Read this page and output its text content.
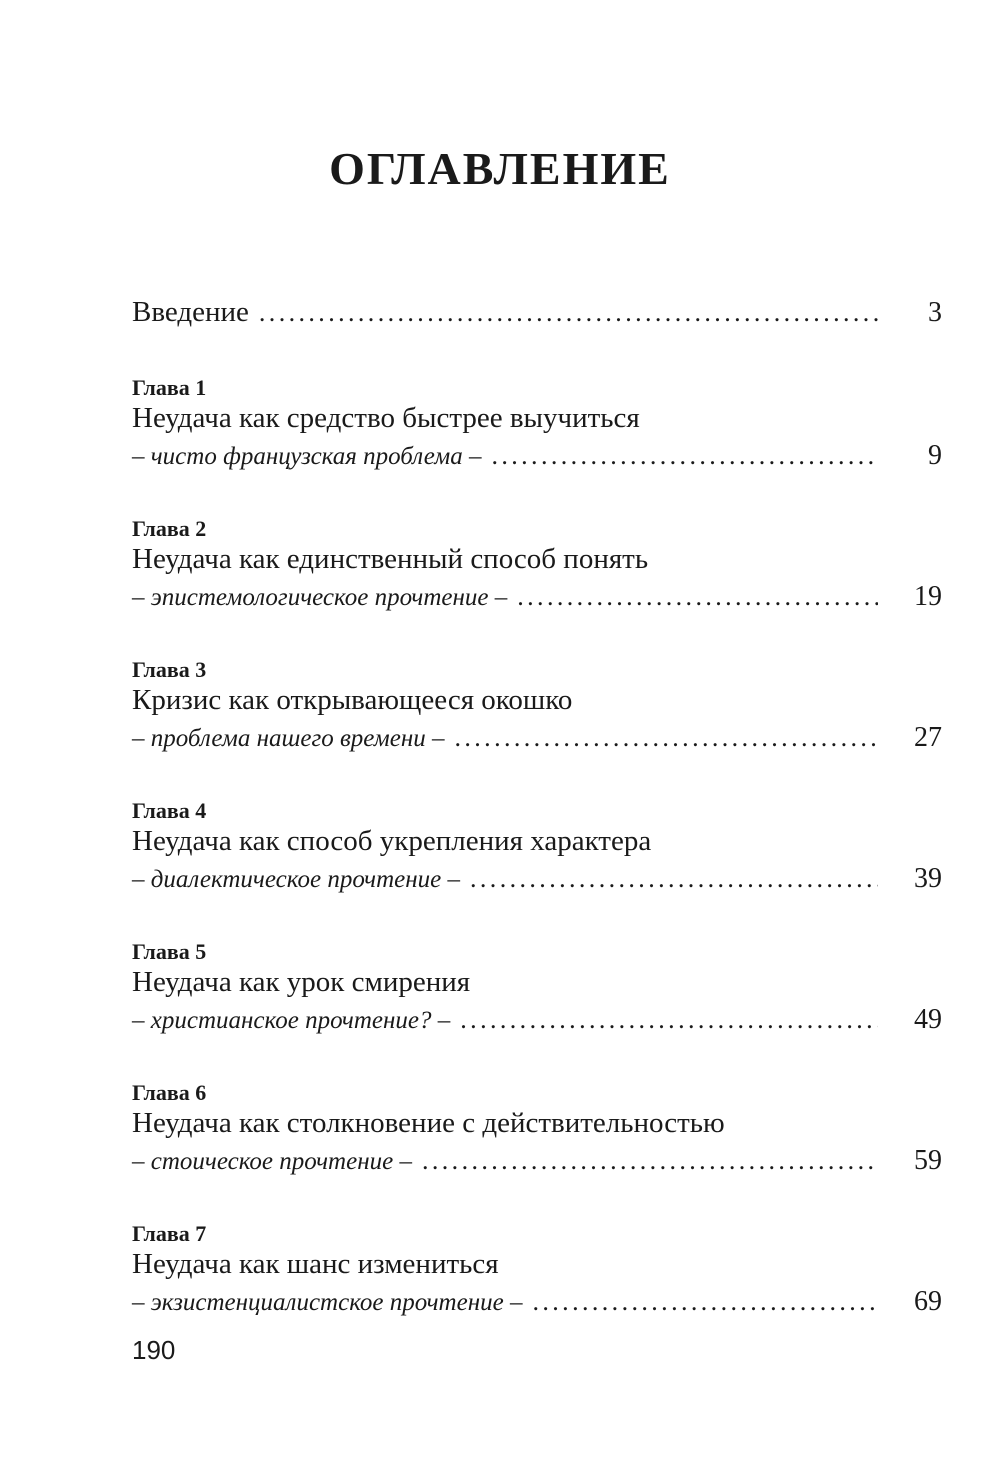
ОГЛАВЛЕНИЕ
Введение .....	3
Глава 1
Неудача как средство быстрее выучиться
– чисто французская проблема – .....	9
Глава 2
Неудача как единственный способ понять
– эпистемологическое прочтение – .....	19
Глава 3
Кризис как открывающееся окошко
– проблема нашего времени – .....	27
Глава 4
Неудача как способ укрепления характера
– диалектическое прочтение – .....	39
Глава 5
Неудача как урок смирения
– христианское прочтение? – .....	49
Глава 6
Неудача как столкновение с действительностью
– стоическое прочтение – .....	59
Глава 7
Неудача как шанс измениться
– экзистенциалистское прочтение – .....	69
190
